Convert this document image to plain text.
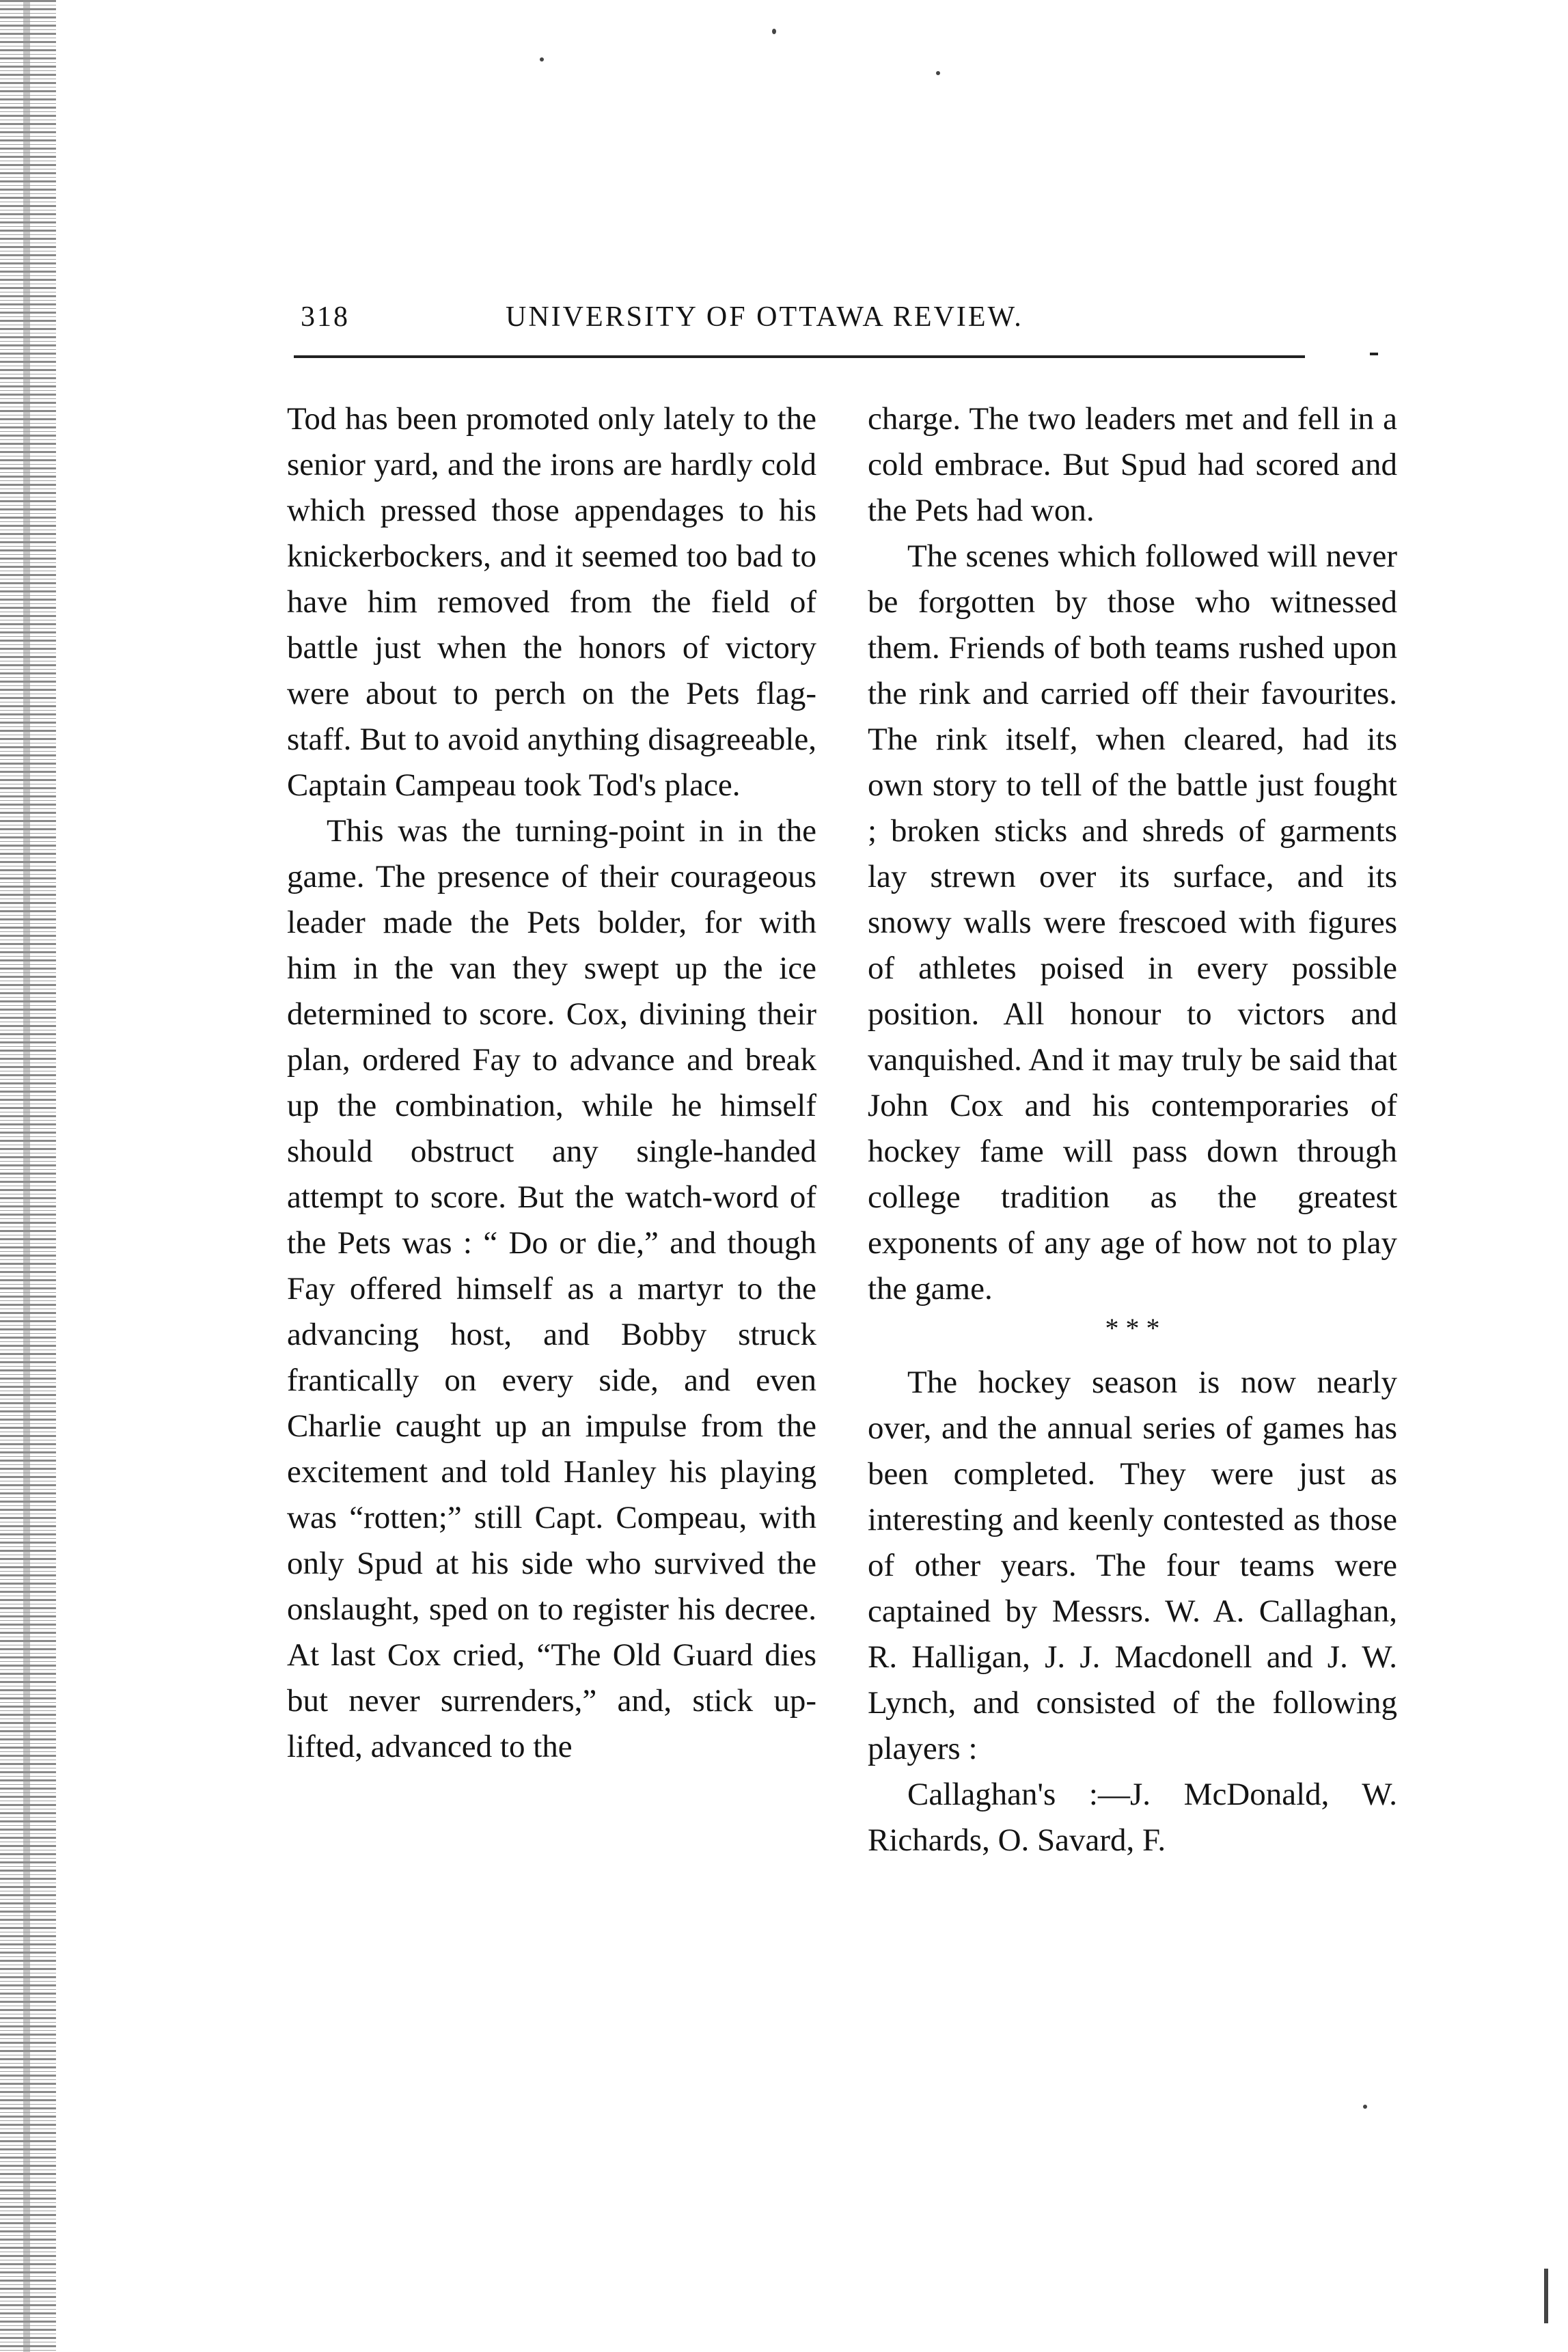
318	UNIVERSITY OF OTTAWA REVIEW.

Tod has been promoted only lately to the senior yard, and the irons are hardly cold which pressed those appendages to his knickerbockers, and it seemed too bad to have him removed from the field of battle just when the honors of victory were about to perch on the Pets flag-staff. But to avoid anything disagreeable, Captain Campeau took Tod's place.

This was the turning-point in in the game. The presence of their courageous leader made the Pets bolder, for with him in the van they swept up the ice determined to score. Cox, divining their plan, ordered Fay to advance and break up the combination, while he himself should obstruct any single-handed attempt to score. But the watch-word of the Pets was : “ Do or die,” and though Fay offered himself as a martyr to the advancing host, and Bobby struck frantically on every side, and even Charlie caught up an impulse from the excitement and told Hanley his playing was “rotten;” still Capt. Compeau, with only Spud at his side who survived the onslaught, sped on to register his decree. At last Cox cried, “The Old Guard dies but never surrenders,” and, stick up-lifted, advanced to the

charge. The two leaders met and fell in a cold embrace. But Spud had scored and the Pets had won.

The scenes which followed will never be forgotten by those who witnessed them. Friends of both teams rushed upon the rink and carried off their favourites. The rink itself, when cleared, had its own story to tell of the battle just fought ; broken sticks and shreds of garments lay strewn over its surface, and its snowy walls were frescoed with figures of athletes poised in every possible position. All honour to victors and vanquished. And it may truly be said that John Cox and his contemporaries of hockey fame will pass down through college tradition as the greatest exponents of any age of how not to play the game.

* * *

The hockey season is now nearly over, and the annual series of games has been completed. They were just as interesting and keenly contested as those of other years. The four teams were captained by Messrs. W. A. Callaghan, R. Halligan, J. J. Macdonell and J. W. Lynch, and consisted of the following players :

Callaghan's :—J. McDonald, W. Richards, O. Savard, F.
